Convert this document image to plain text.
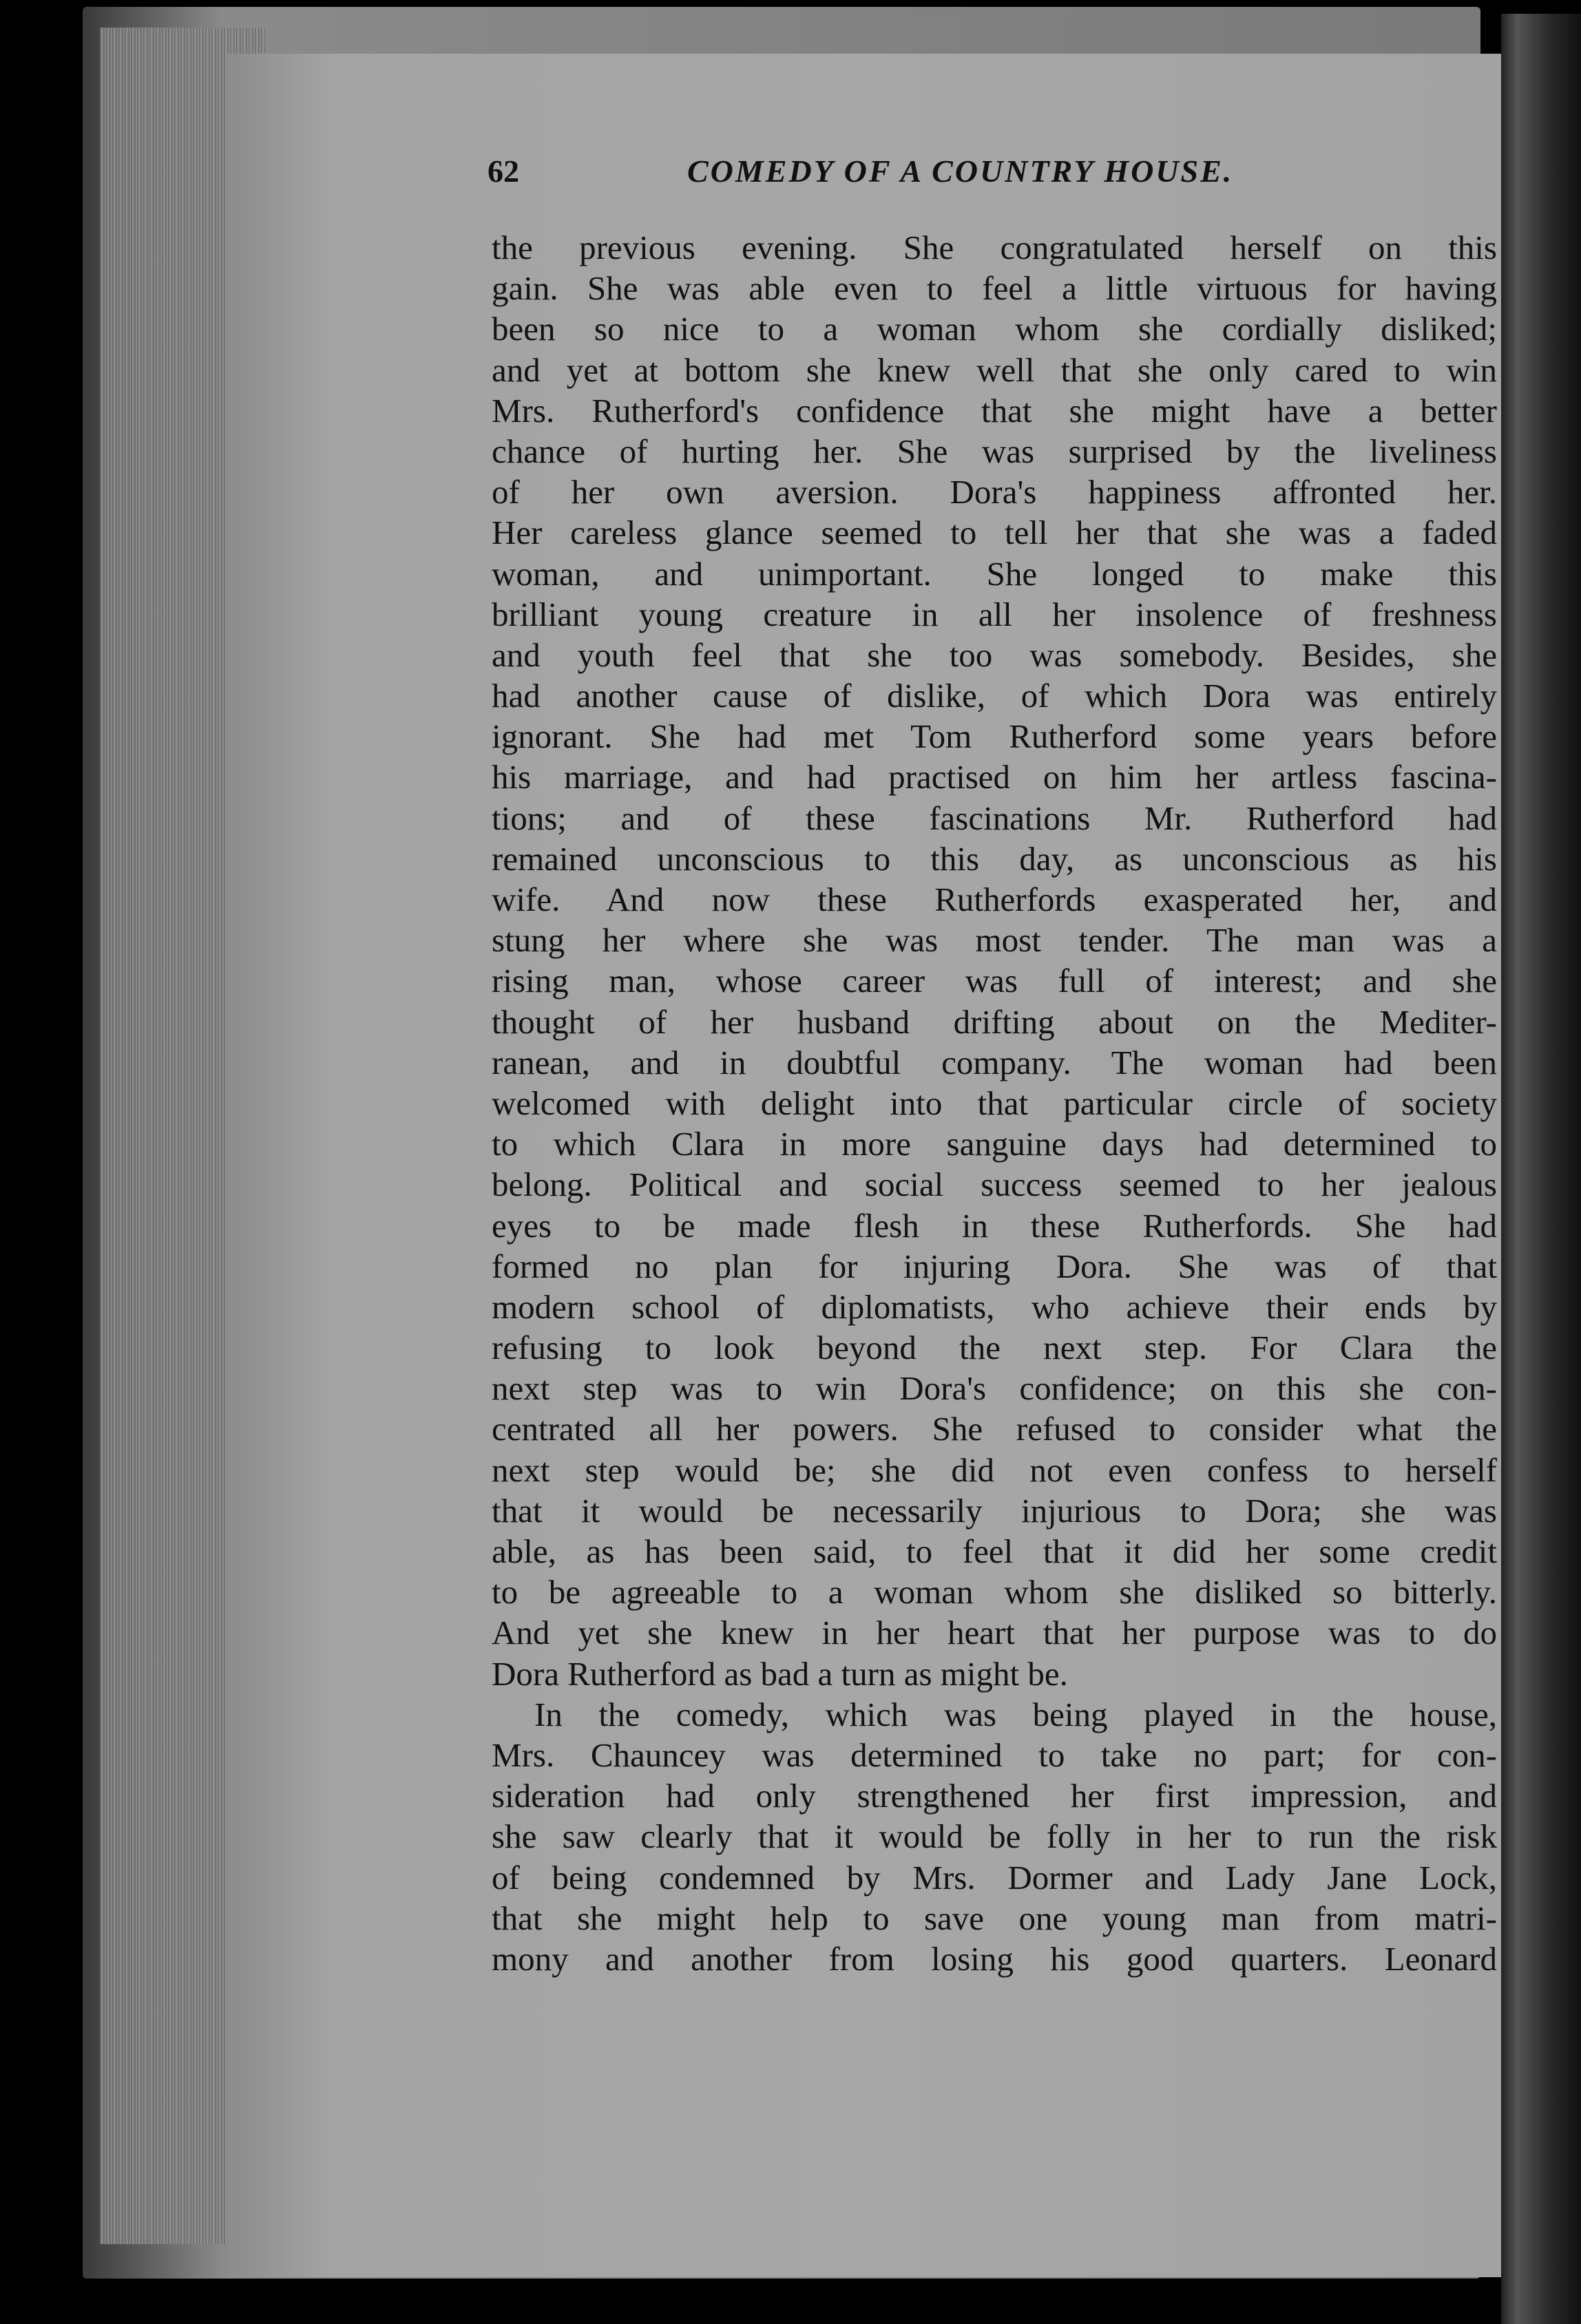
62	COMEDY OF A COUNTRY HOUSE.
the previous evening. She congratulated herself on this
gain. She was able even to feel a little virtuous for having
been so nice to a woman whom she cordially disliked;
and yet at bottom she knew well that she only cared to win
Mrs. Rutherford's confidence that she might have a better
chance of hurting her. She was surprised by the liveliness
of her own aversion. Dora's happiness affronted her.
Her careless glance seemed to tell her that she was a faded
woman, and unimportant. She longed to make this
brilliant young creature in all her insolence of freshness
and youth feel that she too was somebody. Besides, she
had another cause of dislike, of which Dora was entirely
ignorant. She had met Tom Rutherford some years before
his marriage, and had practised on him her artless fascina-
tions; and of these fascinations Mr. Rutherford had
remained unconscious to this day, as unconscious as his
wife. And now these Rutherfords exasperated her, and
stung her where she was most tender. The man was a
rising man, whose career was full of interest; and she
thought of her husband drifting about on the Mediter-
ranean, and in doubtful company. The woman had been
welcomed with delight into that particular circle of society
to which Clara in more sanguine days had determined to
belong. Political and social success seemed to her jealous
eyes to be made flesh in these Rutherfords. She had
formed no plan for injuring Dora. She was of that
modern school of diplomatists, who achieve their ends by
refusing to look beyond the next step. For Clara the
next step was to win Dora's confidence; on this she con-
centrated all her powers. She refused to consider what the
next step would be; she did not even confess to herself
that it would be necessarily injurious to Dora; she was
able, as has been said, to feel that it did her some credit
to be agreeable to a woman whom she disliked so bitterly.
And yet she knew in her heart that her purpose was to do
Dora Rutherford as bad a turn as might be.
In the comedy, which was being played in the house,
Mrs. Chauncey was determined to take no part; for con-
sideration had only strengthened her first impression, and
she saw clearly that it would be folly in her to run the risk
of being condemned by Mrs. Dormer and Lady Jane Lock,
that she might help to save one young man from matri-
mony and another from losing his good quarters. Leonard
